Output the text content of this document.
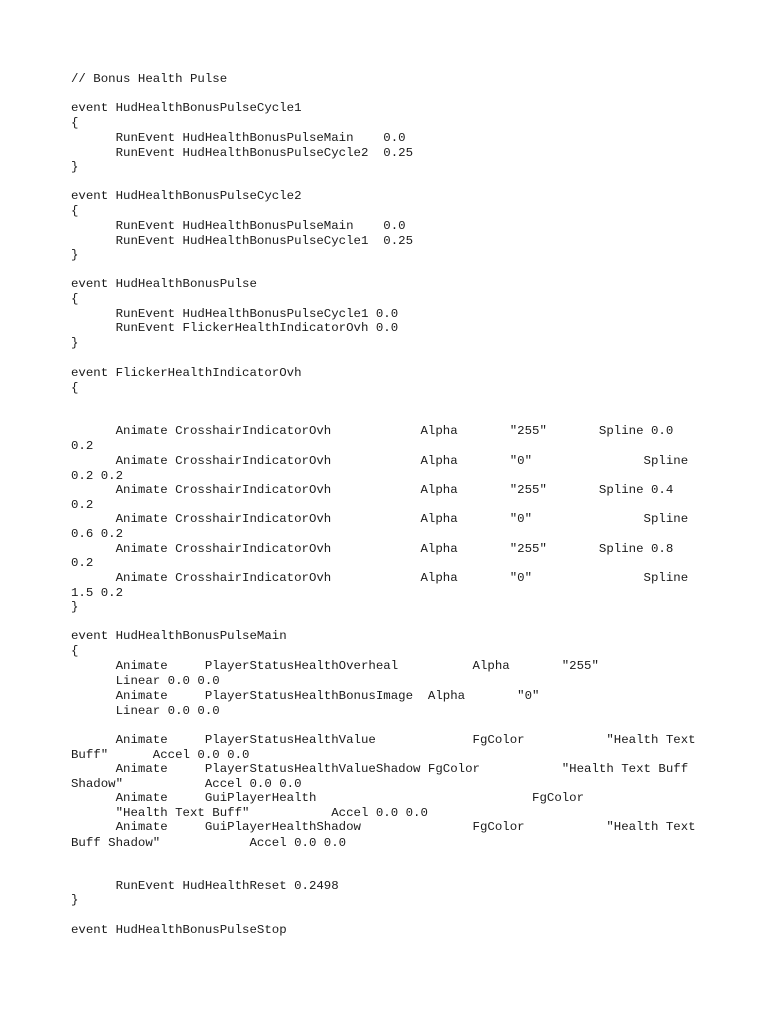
// Bonus Health Pulse
event HudHealthBonusPulseCycle1
{
RunEvent HudHealthBonusPulseMain    0.0
RunEvent HudHealthBonusPulseCycle2  0.25
}
event HudHealthBonusPulseCycle2
{
RunEvent HudHealthBonusPulseMain    0.0
RunEvent HudHealthBonusPulseCycle1  0.25
}
event HudHealthBonusPulse
{
RunEvent HudHealthBonusPulseCycle1 0.0
RunEvent FlickerHealthIndicatorOvh 0.0
}
event FlickerHealthIndicatorOvh
{
Animate CrosshairIndicatorOvh            Alpha       "255"       Spline 0.0
0.2
Animate CrosshairIndicatorOvh            Alpha       "0"               Spline
0.2 0.2
Animate CrosshairIndicatorOvh            Alpha       "255"       Spline 0.4
0.2
Animate CrosshairIndicatorOvh            Alpha       "0"               Spline
0.6 0.2
Animate CrosshairIndicatorOvh            Alpha       "255"       Spline 0.8
0.2
Animate CrosshairIndicatorOvh            Alpha       "0"               Spline
1.5 0.2
}
event HudHealthBonusPulseMain
{
Animate     PlayerStatusHealthOverheal          Alpha       "255"
Linear 0.0 0.0
Animate     PlayerStatusHealthBonusImage  Alpha       "0"
Linear 0.0 0.0
Animate     PlayerStatusHealthValue             FgColor           "Health Text
Buff"      Accel 0.0 0.0
Animate     PlayerStatusHealthValueShadow FgColor           "Health Text Buff
Shadow"           Accel 0.0 0.0
Animate     GuiPlayerHealth                             FgColor
"Health Text Buff"           Accel 0.0 0.0
Animate     GuiPlayerHealthShadow               FgColor           "Health Text
Buff Shadow"            Accel 0.0 0.0
RunEvent HudHealthReset 0.2498
}
event HudHealthBonusPulseStop
